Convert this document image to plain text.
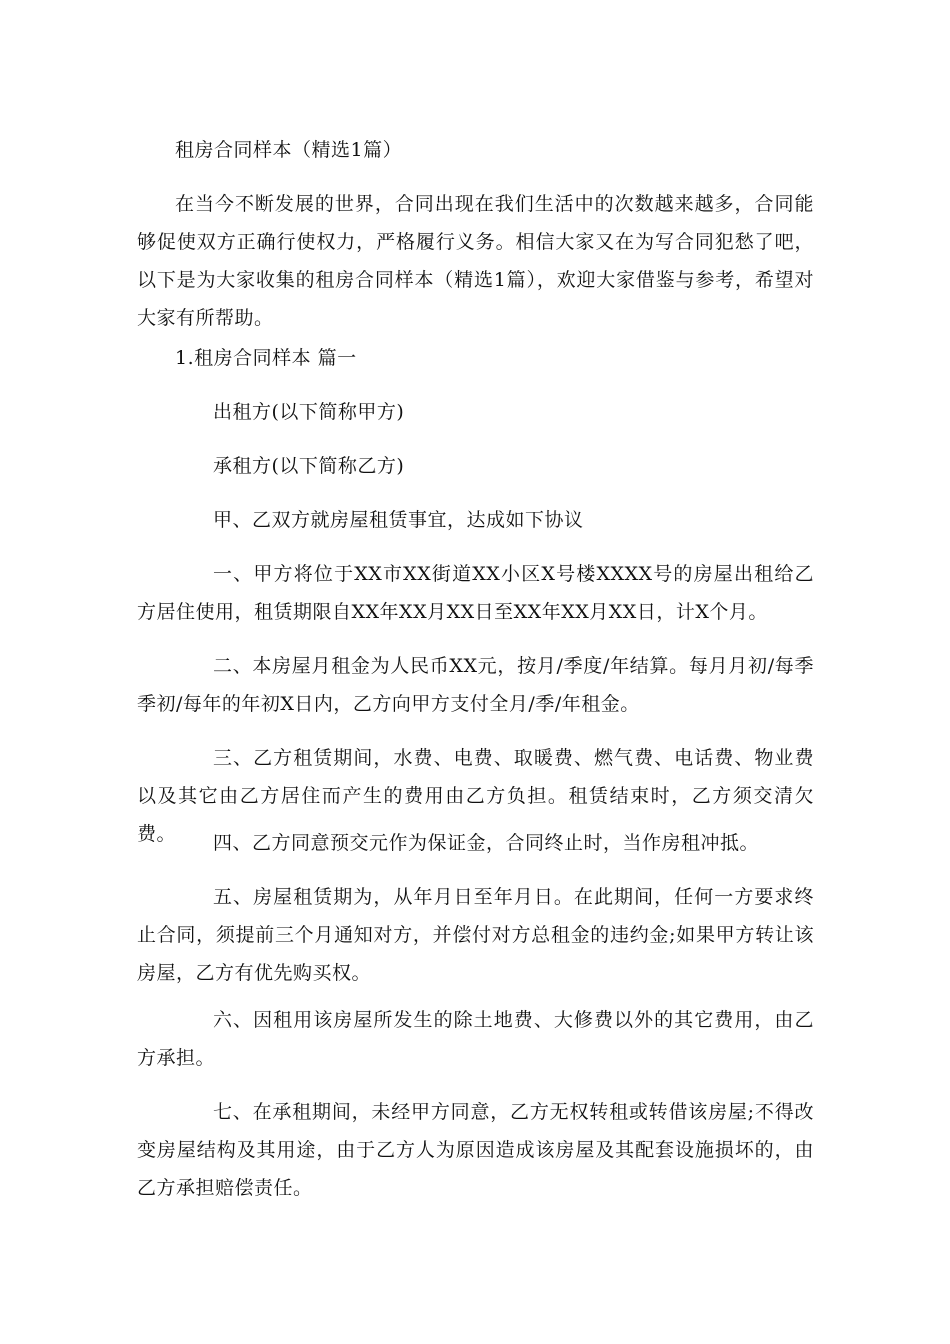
租房合同样本（精选1篇）
在当今不断发展的世界，合同出现在我们生活中的次数越来越多，合同能够促使双方正确行使权力，严格履行义务。相信大家又在为写合同犯愁了吧，以下是为大家收集的租房合同样本（精选1篇），欢迎大家借鉴与参考，希望对大家有所帮助。
1.租房合同样本 篇一
出租方(以下简称甲方)
承租方(以下简称乙方)
甲、乙双方就房屋租赁事宜，达成如下协议
一、甲方将位于XX市XX街道XX小区X号楼XXXX号的房屋出租给乙方居住使用，租赁期限自XX年XX月XX日至XX年XX月XX日，计X个月。
二、本房屋月租金为人民币XX元，按月/季度/年结算。每月月初/每季季初/每年的年初X日内，乙方向甲方支付全月/季/年租金。
三、乙方租赁期间，水费、电费、取暖费、燃气费、电话费、物业费以及其它由乙方居住而产生的费用由乙方负担。租赁结束时，乙方须交清欠费。	四、乙方同意预交元作为保证金，合同终止时，当作房租冲抵。
五、房屋租赁期为，从年月日至年月日。在此期间，任何一方要求终止合同，须提前三个月通知对方，并偿付对方总租金的违约金;如果甲方转让该房屋，乙方有优先购买权。
六、因租用该房屋所发生的除土地费、大修费以外的其它费用，由乙方承担。
七、在承租期间，未经甲方同意，乙方无权转租或转借该房屋;不得改变房屋结构及其用途，由于乙方人为原因造成该房屋及其配套设施损坏的，由乙方承担赔偿责任。
